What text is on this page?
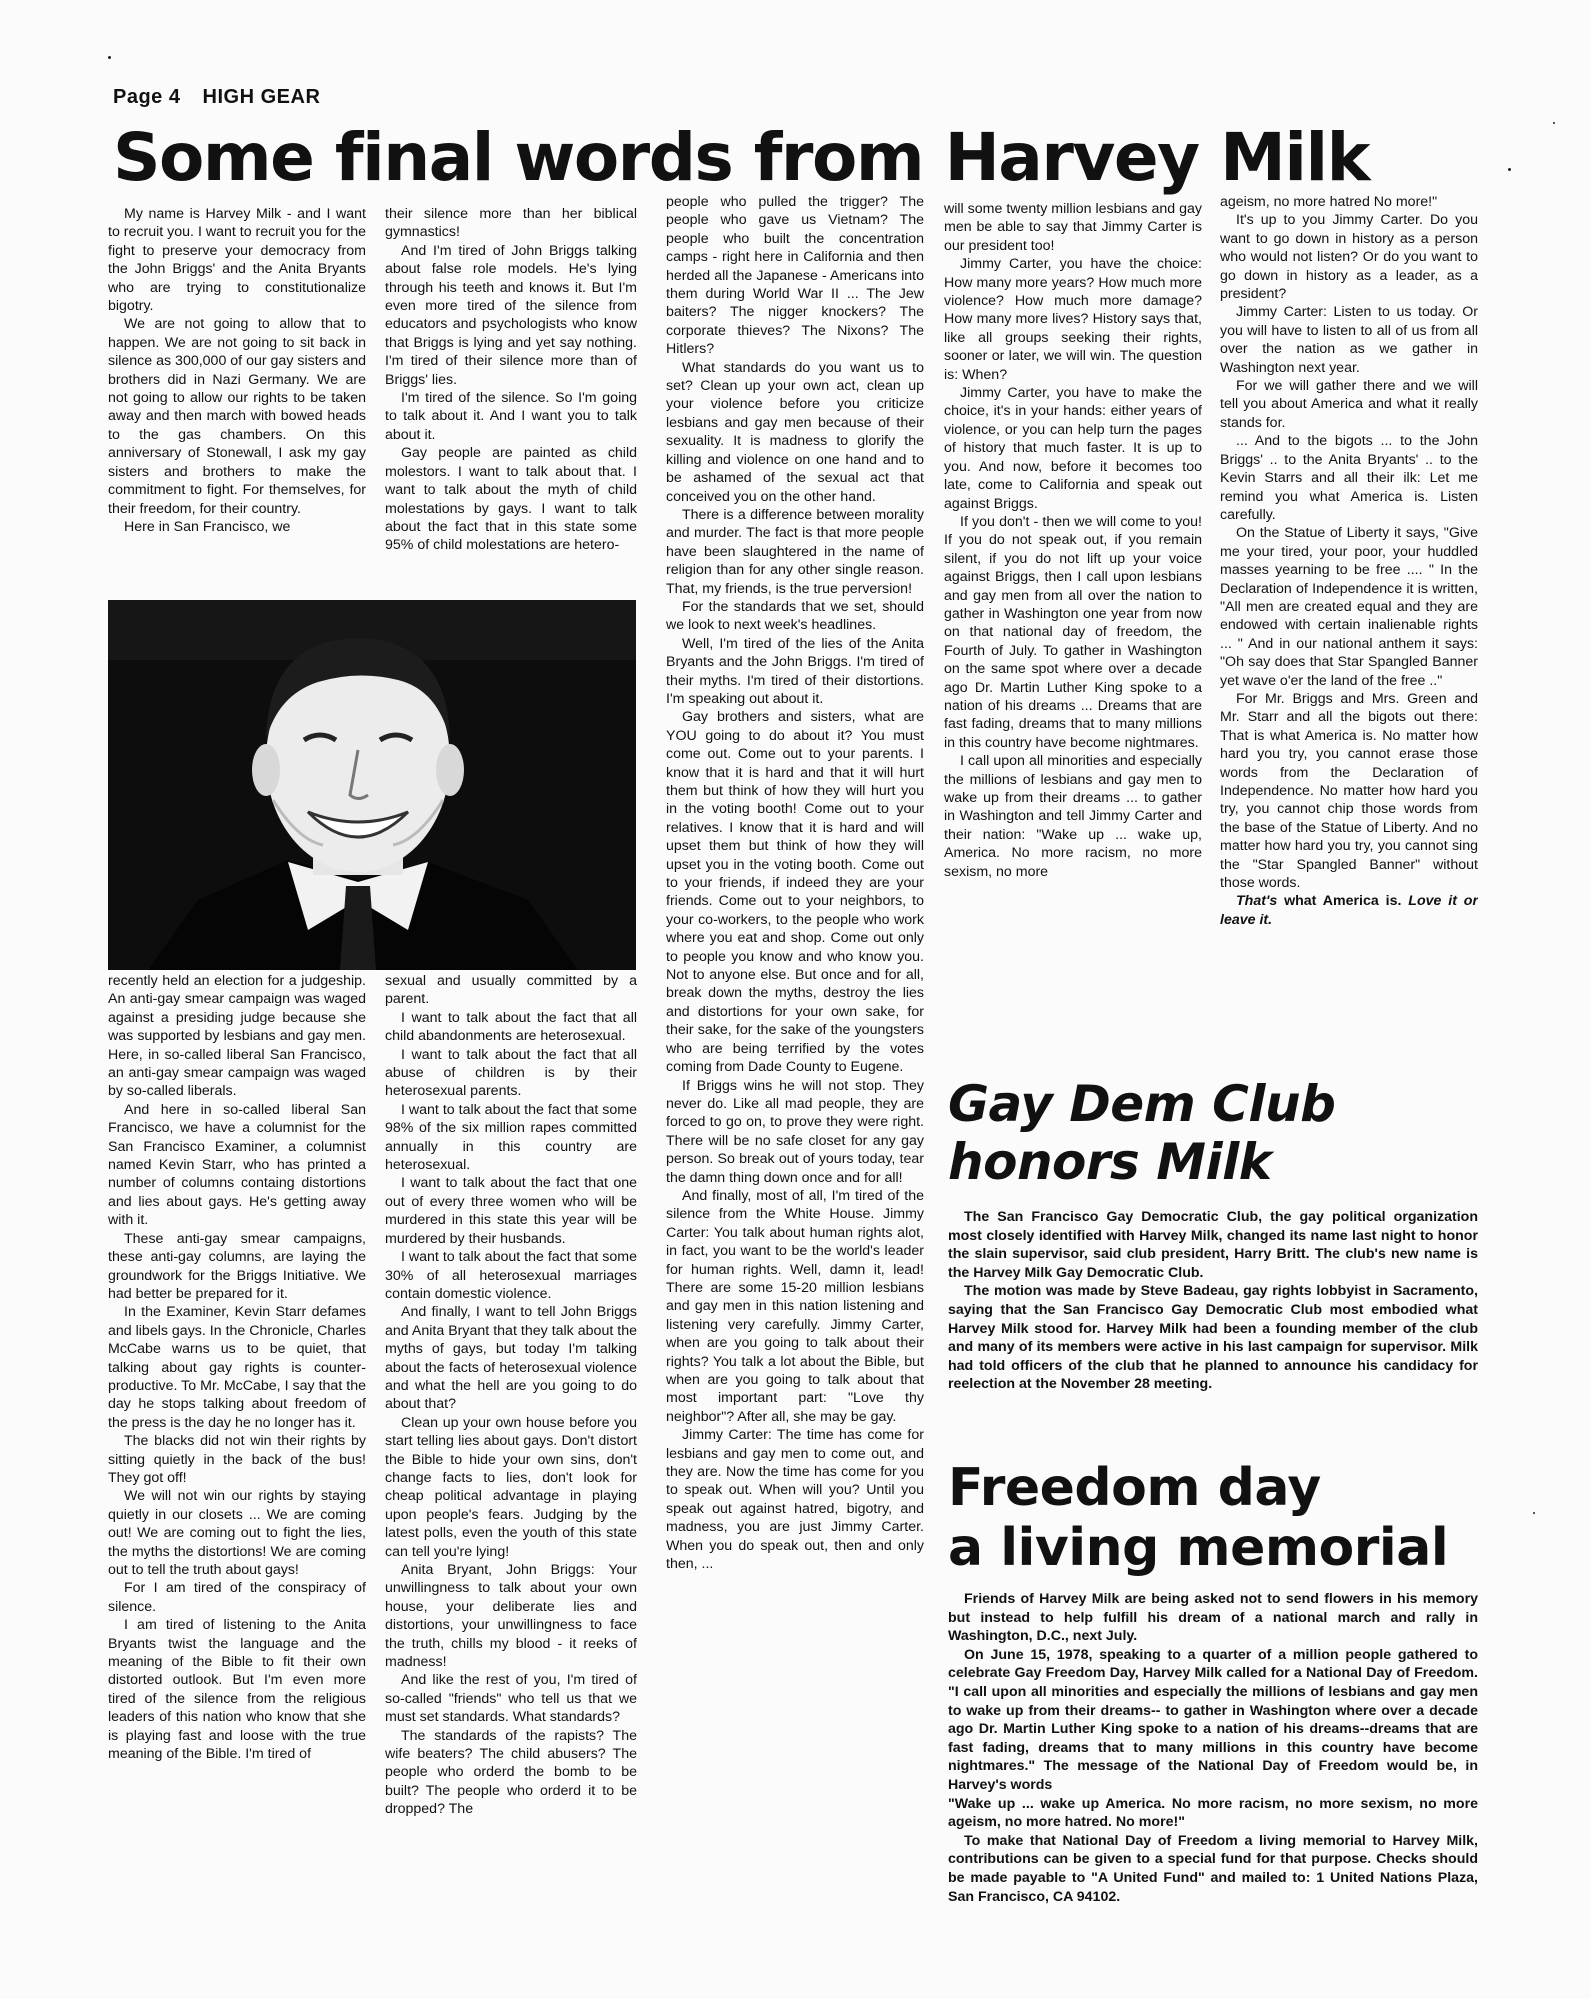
Page 4 HIGH GEAR
Some final words from Harvey Milk

My name is Harvey Milk - and I want to recruit you. I want to recruit you for the fight to preserve your democracy from the John Briggs' and the Anita Bryants who are trying to constitutionalize bigotry.

We are not going to allow that to happen. We are not going to sit back in silence as 300,000 of our gay sisters and brothers did in Nazi Germany. We are not going to allow our rights to be taken away and then march with bowed heads to the gas chambers. On this anniversary of Stonewall, I ask my gay sisters and brothers to make the commitment to fight. For themselves, for their freedom, for their country.

Here in San Francisco, we

their silence more than her biblical gymnastics!

And I'm tired of John Briggs talking about false role models. He's lying through his teeth and knows it. But I'm even more tired of the silence from educators and psychologists who know that Briggs is lying and yet say nothing. I'm tired of their silence more than of Briggs' lies.

I'm tired of the silence. So I'm going to talk about it. And I want you to talk about it.

Gay people are painted as child molestors. I want to talk about that. I want to talk about the myth of child molestations by gays. I want to talk about the fact that in this state some 95% of child molestations are hetero-

recently held an election for a judgeship. An anti-gay smear campaign was waged against a presiding judge because she was supported by lesbians and gay men. Here, in so-called liberal San Francisco, an anti-gay smear campaign was waged by so-called liberals.

And here in so-called liberal San Francisco, we have a columnist for the San Francisco Examiner, a columnist named Kevin Starr, who has printed a number of columns containg distortions and lies about gays. He's getting away with it.

These anti-gay smear campaigns, these anti-gay columns, are laying the groundwork for the Briggs Initiative. We had better be prepared for it.

In the Examiner, Kevin Starr defames and libels gays. In the Chronicle, Charles McCabe warns us to be quiet, that talking about gay rights is counter-productive. To Mr. McCabe, I say that the day he stops talking about freedom of the press is the day he no longer has it.

The blacks did not win their rights by sitting quietly in the back of the bus! They got off!

We will not win our rights by staying quietly in our closets ... We are coming out! We are coming out to fight the lies, the myths the distortions! We are coming out to tell the truth about gays!

For I am tired of the conspiracy of silence.

I am tired of listening to the Anita Bryants twist the language and the meaning of the Bible to fit their own distorted outlook. But I'm even more tired of the silence from the religious leaders of this nation who know that she is playing fast and loose with the true meaning of the Bible. I'm tired of

sexual and usually committed by a parent.

I want to talk about the fact that all child abandonments are heterosexual.

I want to talk about the fact that all abuse of children is by their heterosexual parents.

I want to talk about the fact that some 98% of the six million rapes committed annually in this country are heterosexual.

I want to talk about the fact that one out of every three women who will be murdered in this state this year will be murdered by their husbands.

I want to talk about the fact that some 30% of all heterosexual marriages contain domestic violence.

And finally, I want to tell John Briggs and Anita Bryant that they talk about the myths of gays, but today I'm talking about the facts of heterosexual violence and what the hell are you going to do about that?

Clean up your own house before you start telling lies about gays. Don't distort the Bible to hide your own sins, don't change facts to lies, don't look for cheap political advantage in playing upon people's fears. Judging by the latest polls, even the youth of this state can tell you're lying!

Anita Bryant, John Briggs: Your unwillingness to talk about your own house, your deliberate lies and distortions, your unwillingness to face the truth, chills my blood - it reeks of madness!

And like the rest of you, I'm tired of so-called "friends" who tell us that we must set standards. What standards?

The standards of the rapists? The wife beaters? The child abusers? The people who orderd the bomb to be built? The people who orderd it to be dropped? The

people who pulled the trigger? The people who gave us Vietnam? The people who built the concentration camps - right here in California and then herded all the Japanese - Americans into them during World War II ... The Jew baiters? The nigger knockers? The corporate thieves? The Nixons? The Hitlers?

What standards do you want us to set? Clean up your own act, clean up your violence before you criticize lesbians and gay men because of their sexuality. It is madness to glorify the killing and violence on one hand and to be ashamed of the sexual act that conceived you on the other hand.

There is a difference between morality and murder. The fact is that more people have been slaughtered in the name of religion than for any other single reason. That, my friends, is the true perversion!

For the standards that we set, should we look to next week's headlines.

Well, I'm tired of the lies of the Anita Bryants and the John Briggs. I'm tired of their myths. I'm tired of their distortions. I'm speaking out about it.

Gay brothers and sisters, what are YOU going to do about it? You must come out. Come out to your parents. I know that it is hard and that it will hurt them but think of how they will hurt you in the voting booth! Come out to your relatives. I know that it is hard and will upset them but think of how they will upset you in the voting booth. Come out to your friends, if indeed they are your friends. Come out to your neighbors, to your co-workers, to the people who work where you eat and shop. Come out only to people you know and who know you. Not to anyone else. But once and for all, break down the myths, destroy the lies and distortions for your own sake, for their sake, for the sake of the youngsters who are being terrified by the votes coming from Dade County to Eugene.

If Briggs wins he will not stop. They never do. Like all mad people, they are forced to go on, to prove they were right. There will be no safe closet for any gay person. So break out of yours today, tear the damn thing down once and for all!

And finally, most of all, I'm tired of the silence from the White House. Jimmy Carter: You talk about human rights alot, in fact, you want to be the world's leader for human rights. Well, damn it, lead! There are some 15-20 million lesbians and gay men in this nation listening and listening very carefully. Jimmy Carter, when are you going to talk about their rights? You talk a lot about the Bible, but when are you going to talk about that most important part: "Love thy neighbor"? After all, she may be gay.

Jimmy Carter: The time has come for lesbians and gay men to come out, and they are. Now the time has come for you to speak out. When will you? Until you speak out against hatred, bigotry, and madness, you are just Jimmy Carter. When you do speak out, then and only then, ...

will some twenty million lesbians and gay men be able to say that Jimmy Carter is our president too!

Jimmy Carter, you have the choice: How many more years? How much more violence? How much more damage? How many more lives? History says that, like all groups seeking their rights, sooner or later, we will win. The question is: When?

Jimmy Carter, you have to make the choice, it's in your hands: either years of violence, or you can help turn the pages of history that much faster. It is up to you. And now, before it becomes too late, come to California and speak out against Briggs.

If you don't - then we will come to you! If you do not speak out, if you remain silent, if you do not lift up your voice against Briggs, then I call upon lesbians and gay men from all over the nation to gather in Washington one year from now on that national day of freedom, the Fourth of July. To gather in Washington on the same spot where over a decade ago Dr. Martin Luther King spoke to a nation of his dreams ... Dreams that are fast fading, dreams that to many millions in this country have become nightmares.

I call upon all minorities and especially the millions of lesbians and gay men to wake up from their dreams ... to gather in Washington and tell Jimmy Carter and their nation: "Wake up ... wake up, America. No more racism, no more sexism, no more

ageism, no more hatred No more!"

It's up to you Jimmy Carter. Do you want to go down in history as a person who would not listen? Or do you want to go down in history as a leader, as a president?

Jimmy Carter: Listen to us today. Or you will have to listen to all of us from all over the nation as we gather in Washington next year.

For we will gather there and we will tell you about America and what it really stands for.

... And to the bigots ... to the John Briggs' .. to the Anita Bryants' .. to the Kevin Starrs and all their ilk: Let me remind you what America is. Listen carefully.

On the Statue of Liberty it says, "Give me your tired, your poor, your huddled masses yearning to be free .... " In the Declaration of Independence it is written, "All men are created equal and they are endowed with certain inalienable rights ... " And in our national anthem it says: "Oh say does that Star Spangled Banner yet wave o'er the land of the free .."

For Mr. Briggs and Mrs. Green and Mr. Starr and all the bigots out there: That is what America is. No matter how hard you try, you cannot erase those words from the Declaration of Independence. No matter how hard you try, you cannot chip those words from the base of the Statue of Liberty. And no matter how hard you try, you cannot sing the "Star Spangled Banner" without those words.

That's what America is. Love it or leave it.

Gay Dem Club
honors Milk

The San Francisco Gay Democratic Club, the gay political organization most closely identified with Harvey Milk, changed its name last night to honor the slain supervisor, said club president, Harry Britt. The club's new name is the Harvey Milk Gay Democratic Club.

The motion was made by Steve Badeau, gay rights lobbyist in Sacramento, saying that the San Francisco Gay Democratic Club most embodied what Harvey Milk stood for. Harvey Milk had been a founding member of the club and many of its members were active in his last campaign for supervisor. Milk had told officers of the club that he planned to announce his candidacy for reelection at the November 28 meeting.

Freedom day
a living memorial

Friends of Harvey Milk are being asked not to send flowers in his memory but instead to help fulfill his dream of a national march and rally in Washington, D.C., next July.

On June 15, 1978, speaking to a quarter of a million people gathered to celebrate Gay Freedom Day, Harvey Milk called for a National Day of Freedom. "I call upon all minorities and especially the millions of lesbians and gay men to wake up from their dreams-- to gather in Washington where over a decade ago Dr. Martin Luther King spoke to a nation of his dreams--dreams that are fast fading, dreams that to many millions in this country have become nightmares." The message of the National Day of Freedom would be, in Harvey's words

"Wake up ... wake up America. No more racism, no more sexism, no more ageism, no more hatred. No more!"

To make that National Day of Freedom a living memorial to Harvey Milk, contributions can be given to a special fund for that purpose. Checks should be made payable to "A United Fund" and mailed to: 1 United Nations Plaza, San Francisco, CA 94102.
